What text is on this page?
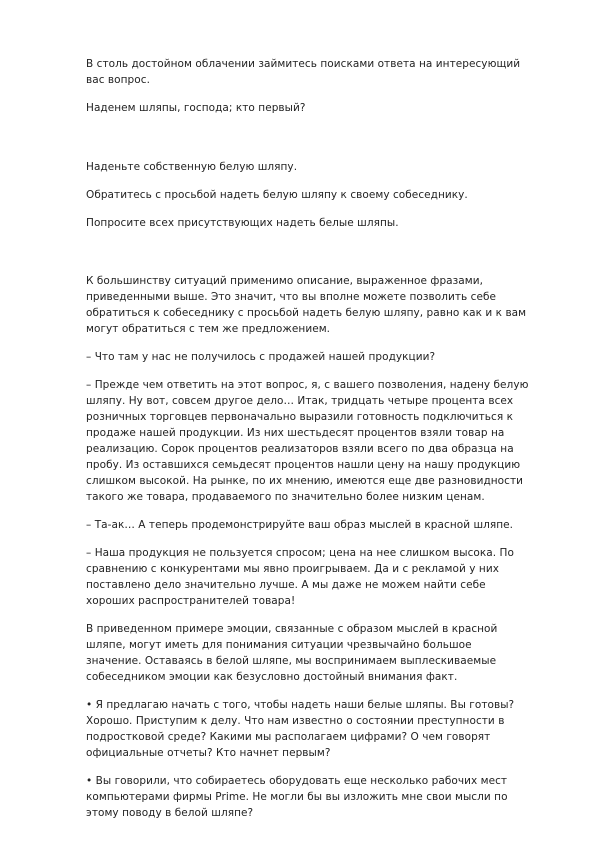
В столь достойном облачении займитесь поисками ответа на интересующий вас вопрос.

Наденем шляпы, господа; кто первый?

Наденьте собственную белую шляпу.

Обратитесь с просьбой надеть белую шляпу к своему собеседнику.

Попросите всех присутствующих надеть белые шляпы.

К большинству ситуаций применимо описание, выраженное фразами, приведенными выше. Это значит, что вы вполне можете позволить себе обратиться к собеседнику с просьбой надеть белую шляпу, равно как и к вам могут обратиться с тем же предложением.

– Что там у нас не получилось с продажей нашей продукции?

– Прежде чем ответить на этот вопрос, я, с вашего позволения, надену белую шляпу. Ну вот, совсем другое дело… Итак, тридцать четыре процента всех розничных торговцев первоначально выразили готовность подключиться к продаже нашей продукции. Из них шестьдесят процентов взяли товар на реализацию. Сорок процентов реализаторов взяли всего по два образца на пробу. Из оставшихся семьдесят процентов нашли цену на нашу продукцию слишком высокой. На рынке, по их мнению, имеются еще две разновидности такого же товара, продаваемого по значительно более низким ценам.

– Та-ак… А теперь продемонстрируйте ваш образ мыслей в красной шляпе.

– Наша продукция не пользуется спросом; цена на нее слишком высока. По сравнению с конкурентами мы явно проигрываем. Да и с рекламой у них поставлено дело значительно лучше. А мы даже не можем найти себе хороших распространителей товара!

В приведенном примере эмоции, связанные с образом мыслей в красной шляпе, могут иметь для понимания ситуации чрезвычайно большое значение. Оставаясь в белой шляпе, мы воспринимаем выплескиваемые собеседником эмоции как безусловно достойный внимания факт.

• Я предлагаю начать с того, чтобы надеть наши белые шляпы. Вы готовы? Хорошо. Приступим к делу. Что нам известно о состоянии преступности в подростковой среде? Какими мы располагаем цифрами? О чем говорят официальные отчеты? Кто начнет первым?

• Вы говорили, что собираетесь оборудовать еще несколько рабочих мест компьютерами фирмы Prime. Не могли бы вы изложить мне свои мысли по этому поводу в белой шляпе?
